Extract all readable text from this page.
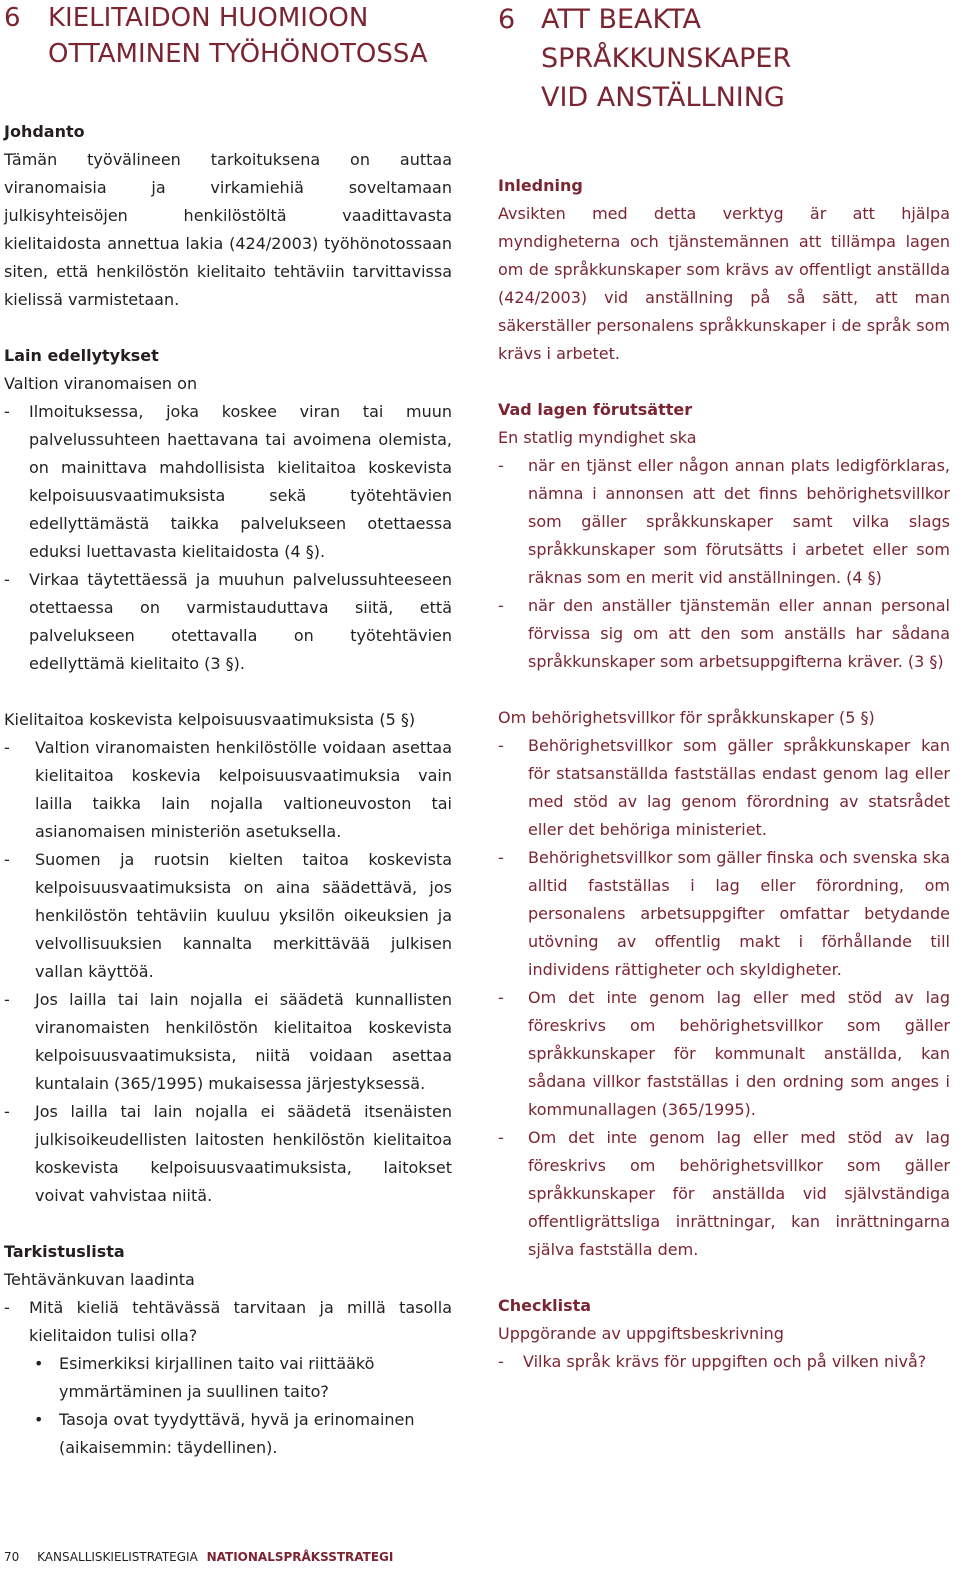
6 KIELITAIDON HUOMIOON
OTTAMINEN TYÖHÖNOTOSSA

Johdanto

Tämän työvälineen tarkoituksena on auttaa viranomaisia ja virkamiehiä soveltamaan julkisyhteisöjen henkilöstöltä vaadittavasta kielitaidosta annettua lakia (424/2003) työhönotossaan siten, että henkilöstön kielitaito tehtäviin tarvittavissa kielissä varmistetaan.

Lain edellytykset

Valtion viranomaisen on

- Ilmoituksessa, joka koskee viran tai muun palvelussuhteen haettavana tai avoimena olemista, on mainittava mahdollisista kielitaitoa koskevista kelpoisuusvaatimuksista sekä työtehtävien edellyttämästä taikka palvelukseen otettaessa eduksi luettavasta kielitaidosta (4 §).
- Virkaa täytettäessä ja muuhun palvelussuhteeseen otettaessa on varmistauduttava siitä, että palvelukseen otettavalla on työtehtävien edellyttämä kielitaito (3 §).

Kielitaitoa koskevista kelpoisuusvaatimuksista (5 §)

- Valtion viranomaisten henkilöstölle voidaan asettaa kielitaitoa koskevia kelpoisuusvaatimuksia vain lailla taikka lain nojalla valtioneuvoston tai asianomaisen ministeriön asetuksella.
- Suomen ja ruotsin kielten taitoa koskevista kelpoisuusvaatimuksista on aina säädettävä, jos henkilöstön tehtäviin kuuluu yksilön oikeuksien ja velvollisuuksien kannalta merkittävää julkisen vallan käyttöä.
- Jos lailla tai lain nojalla ei säädetä kunnallisten viranomaisten henkilöstön kielitaitoa koskevista kelpoisuusvaatimuksista, niitä voidaan asettaa kuntalain (365/1995) mukaisessa järjestyksessä.
- Jos lailla tai lain nojalla ei säädetä itsenäisten julkisoikeudellisten laitosten henkilöstön kielitaitoa koskevista kelpoisuusvaatimuksista, laitokset voivat vahvistaa niitä.

Tarkistuslista

Tehtävänkuvan laadinta

- Mitä kieliä tehtävässä tarvitaan ja millä tasolla kielitaidon tulisi olla?
• Esimerkiksi kirjallinen taito vai riittääkö ymmärtäminen ja suullinen taito?
• Tasoja ovat tyydyttävä, hyvä ja erinomainen (aikaisemmin: täydellinen).
6 ATT BEAKTA
SPRÅKKUNSKAPER
VID ANSTÄLLNING

Inledning

Avsikten med detta verktyg är att hjälpa myndigheterna och tjänstemännen att tillämpa lagen om de språkkunskaper som krävs av offentligt anställda (424/2003) vid anställning på så sätt, att man säkerställer personalens språkkunskaper i de språk som krävs i arbetet.

Vad lagen förutsätter

En statlig myndighet ska

- när en tjänst eller någon annan plats ledigförklaras, nämna i annonsen att det finns behörighetsvillkor som gäller språkkunskaper samt vilka slags språkkunskaper som förutsätts i arbetet eller som räknas som en merit vid anställningen. (4 §)
- när den anställer tjänstemän eller annan personal förvissa sig om att den som anställs har sådana språkkunskaper som arbetsuppgifterna kräver. (3 §)

Om behörighetsvillkor för språkkunskaper (5 §)

- Behörighetsvillkor som gäller språkkunskaper kan för statsanställda fastställas endast genom lag eller med stöd av lag genom förordning av statsrådet eller det behöriga ministeriet.
- Behörighetsvillkor som gäller finska och svenska ska alltid fastställas i lag eller förordning, om personalens arbetsuppgifter omfattar betydande utövning av offentlig makt i förhållande till individens rättigheter och skyldigheter.
- Om det inte genom lag eller med stöd av lag föreskrivs om behörighetsvillkor som gäller språkkunskaper för kommunalt anställda, kan sådana villkor fastställas i den ordning som anges i kommunallagen (365/1995).
- Om det inte genom lag eller med stöd av lag föreskrivs om behörighetsvillkor som gäller språkkunskaper för anställda vid självständiga offentligrättsliga inrättningar, kan inrättningarna själva fastställa dem.

Checklista

Uppgörande av uppgiftsbeskrivning

- Vilka språk krävs för uppgiften och på vilken nivå?
70 KANSALLISKIELISTRATEGIA NATIONALSPRÅKSSTRATEGI
